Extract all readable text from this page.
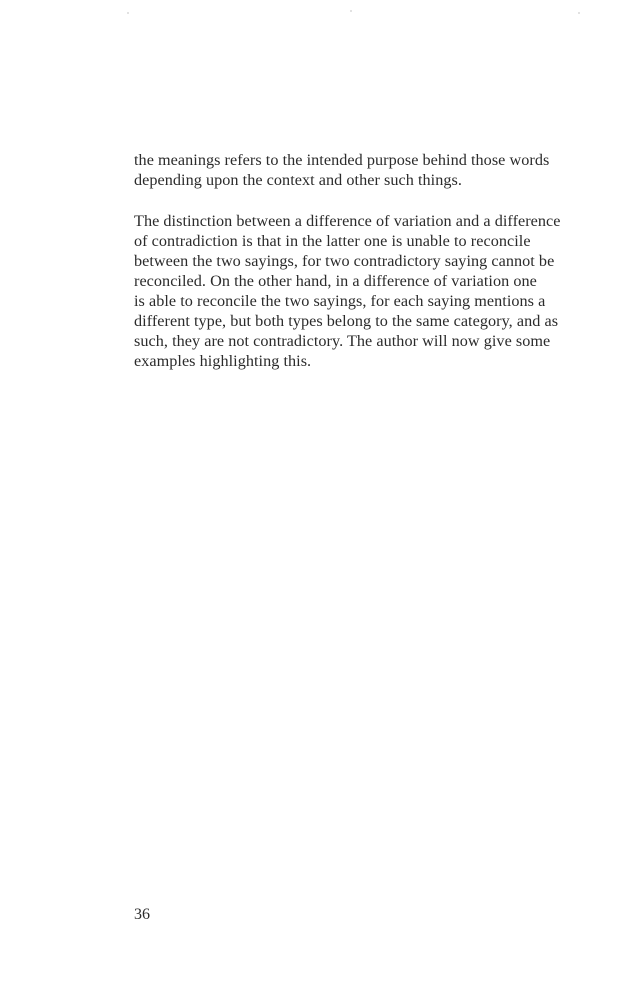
the meanings refers to the intended purpose behind those words
depending upon the context and other such things.
The distinction between a difference of variation and a difference
of contradiction is that in the latter one is unable to reconcile
between the two sayings, for two contradictory saying cannot be
reconciled. On the other hand, in a difference of variation one
is able to reconcile the two sayings, for each saying mentions a
different type, but both types belong to the same category, and as
such, they are not contradictory. The author will now give some
examples highlighting this.
36
